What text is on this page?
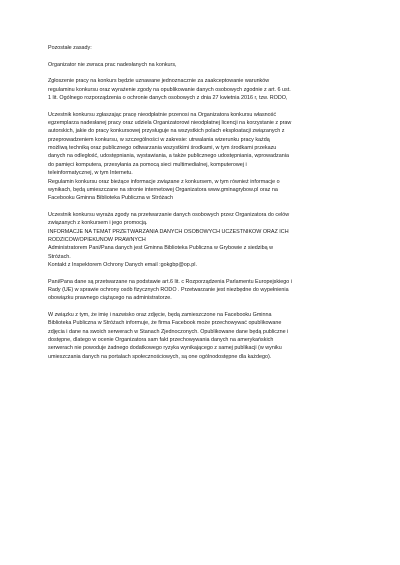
Pozostałe zasady:

Organizator nie zwraca prac nadesłanych na konkurs,

Zgłoszenie pracy na konkurs będzie uznawane jednoznacznie za zaakceptowanie warunków
regulaminu konkursu oraz wyrażenie zgody na opublikowanie danych osobowych zgodnie z art. 6 ust.
1 lit. Ogólnego rozporządzenia o ochronie danych osobowych z dnia 27 kwietnia 2016 r, tzw. RODO,

Uczestnik konkursu zgłaszając pracę nieodpłatnie przenosi na Organizatora konkursu własność
egzemplarza nadesłanej pracy oraz udziela Organizatorowi nieodpłatnej licencji na korzystanie z praw
autorskich, jakie do pracy konkursowej przysługuje na wszystkich polach eksploatacji związanych z
przeprowadzeniem konkursu, w szczególności w zakresie: utrwalania wizerunku pracy każdą
możliwą techniką oraz publicznego odtwarzania wszystkimi środkami, w tym środkami przekazu
danych na odległość, udostępniania, wystawiania, a także publicznego udostępniania, wprowadzania
do pamięci komputera, przesyłania za pomocą sieci multimedialnej, komputerowej i
teleinformatycznej, w tym Internetu.

Regulamin konkursu oraz bieżące informacje związane z konkursem, w tym również informacje o
wynikach, będą umieszczane na stronie internetowej Organizatora www.gminagrybow.pl oraz na
Facebooku Gminna Biblioteka Publiczna w Stróżach

Uczestnik konkursu wyraża zgody na przetwarzanie danych osobowych przez Organizatora do celów
związanych z konkursem i jego promocją.
INFORMACJE NA TEMAT PRZETWARZANIA DANYCH OSOBOWYCH UCZESTNIKOW ORAZ ICH
RODZICOW/OPIEKUNOW PRAWNYCH
Administratorem Pani/Pana danych jest Gminna Biblioteka Publiczna w Grybowie z siedzibą w
Stróżach.
Kontakt z Inspektorem Ochrony Danych email :gokgbp@op.pl.

Pani/Pana dane są przetwarzane na podstawie art.6 lit. c Rozporządzenia Parlamentu Europejskiego i
Rady (UE) w sprawie ochrony osób fizycznych RODO . Przetwarzanie jest niezbędne do wypełnienia
obowiązku prawnego ciążącego na administratorze.

W związku z tym, że imię i nazwisko oraz zdjęcie, będą zamieszczone na Facebooku Gminna
Biblioteka Publiczna w Stróżach informuje, że firma Facebook może przechowywać opublikowane
zdjęcia i dane na swoich serwerach w Stanach Zjednoczonych. Opublikowane dane będą publiczne i
dostępne, dlatego w ocenie Organizatora sam fakt przechowywania danych na amerykańskich
serwerach nie powoduje żadnego dodatkowego ryzyka wynikającego z samej publikacji (w wyniku
umieszczania danych na portalach społecznościowych, są one ogólnodostępne dla każdego).
